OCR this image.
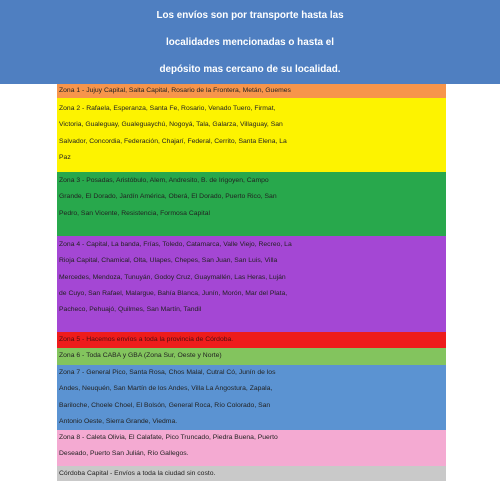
Los envíos son por transporte hasta las
localidades mencionadas o hasta el
depósito mas cercano de su localidad.
Zona 1 - Jujuy Capital, Salta Capital, Rosario de la Frontera, Metán, Guemes
Zona 2 - Rafaela, Esperanza, Santa Fe, Rosario, Venado Tuero, Firmat,
Victoria, Gualeguay, Gualeguaychú, Nogoyá, Tala, Galarza, Villaguay, San
Salvador, Concordia, Federación, Chajarí, Federal, Cerrito, Santa Elena, La
Paz
Zona 3 - Posadas, Aristóbulo, Alem, Andresito, B. de Irigoyen, Campo
Grande, El Dorado, Jardín América, Oberá, El Dorado, Puerto Rico, San
Pedro, San Vicente, Resistencia, Formosa Capital
Zona 4 - Capital, La banda, Frías, Toledo, Catamarca, Valle Viejo, Recreo, La
Rioja Capital, Chamical, Olta, Ulapes, Chepes, San Juan, San Luis, Villa
Mercedes, Mendoza, Tunuyán, Godoy Cruz, Guaymallén, Las Heras, Luján
de Cuyo, San Rafael, Malargue, Bahía Blanca, Junín, Morón, Mar del Plata,
Pacheco, Pehuajó, Quilmes, San Martín, Tandil
Zona 5 - Hacemos envíos a toda la provincia de Córdoba.
Zona 6 - Toda CABA y GBA (Zona Sur, Oeste y Norte)
Zona 7 - General Pico, Santa Rosa, Chos Malal, Cutral Có, Junín de los
Andes, Neuquén, San Martín de los Andes, Villa La Angostura, Zapala,
Bariloche, Choele Choel, El Bolsón, General Roca, Río Colorado, San
Antonio Oeste, Sierra Grande, Viedma.
Zona 8 - Caleta Olivia, El Calafate, Pico Truncado, Piedra Buena, Puerto
Deseado, Puerto San Julián, Río Gallegos.
Córdoba Capital - Envíos a toda la ciudad sin costo.
